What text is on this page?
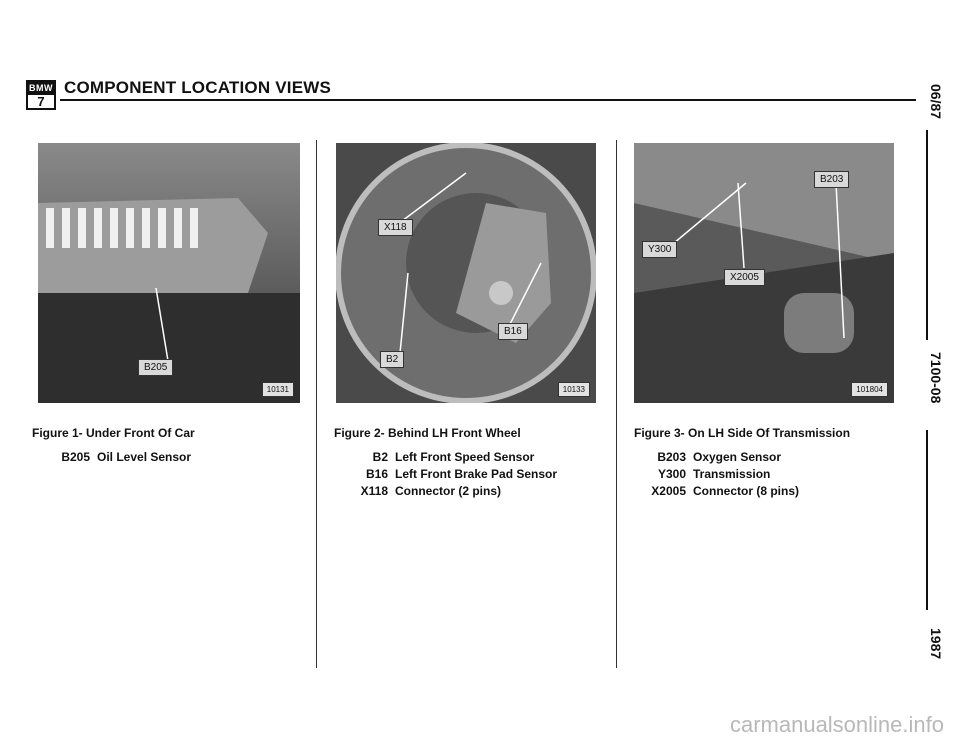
BMW
7
COMPONENT LOCATION VIEWS	06/87
7100-08
1987
B205
10131
X118
B16
B2
10133
B203
Y300
X2005
101804
Figure 1- Under Front Of Car	Figure 2- Behind LH Front Wheel	Figure 3- On LH Side Of Transmission
B205 Oil Level Sensor	B2 Left Front Speed Sensor
B16 Left Front Brake Pad Sensor
X118 Connector (2 pins)
B203 Oxygen Sensor
Y300 Transmission
X2005 Connector (8 pins)
carmanualsonline.info
